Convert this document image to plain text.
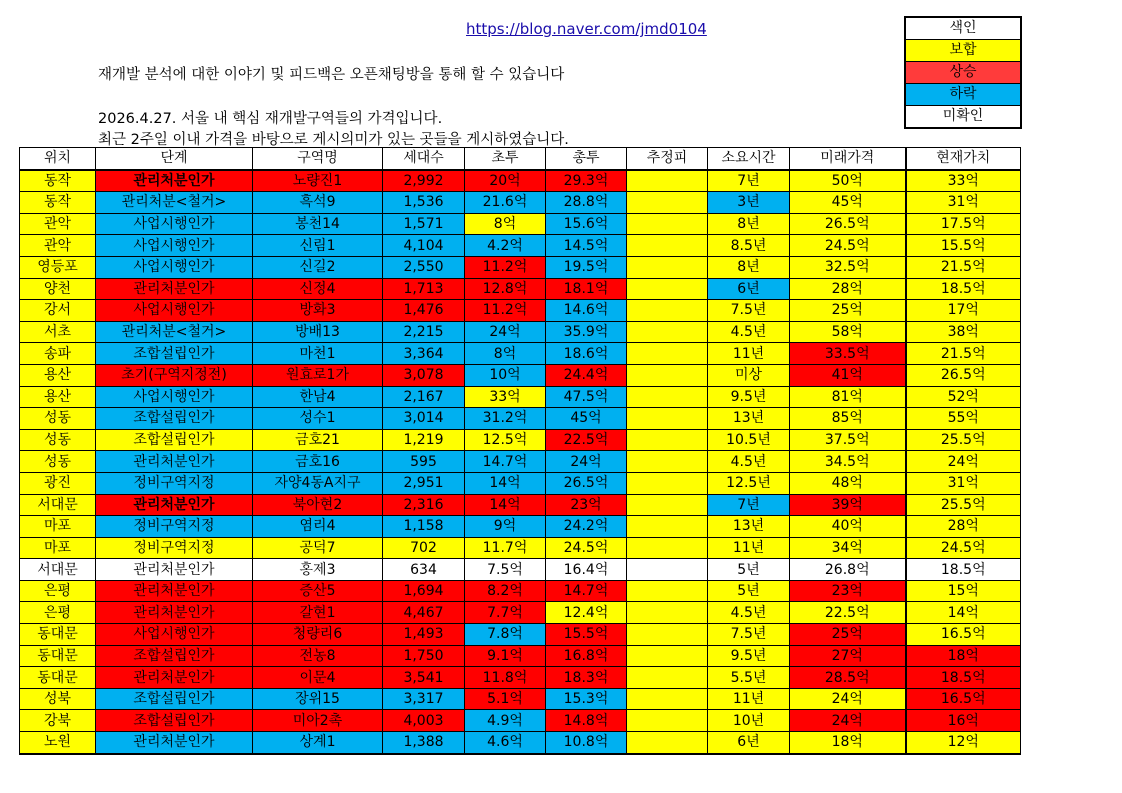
https://blog.naver.com/jmd0104
재개발 분석에 대한 이야기 및 피드백은 오픈채팅방을 통해 할 수 있습니다
2026.4.27. 서울 내 핵심 재개발구역들의 가격입니다.
최근 2주일 이내 가격을 바탕으로 게시의미가 있는 곳들을 게시하였습니다.
색인
보합
상승
하락
미확인
위치	단계	구역명	세대수	초투	총투	추정피	소요시간	미래가격	현재가치
동작	관리처분인가	노량진1	2,992	20억	29.3억		7년	50억	33억
동작	관리처분<철거>	흑석9	1,536	21.6억	28.8억		3년	45억	31억
관악	사업시행인가	봉천14	1,571	8억	15.6억		8년	26.5억	17.5억
관악	사업시행인가	신림1	4,104	4.2억	14.5억		8.5년	24.5억	15.5억
영등포	사업시행인가	신길2	2,550	11.2억	19.5억		8년	32.5억	21.5억
양천	관리처분인가	신정4	1,713	12.8억	18.1억		6년	28억	18.5억
강서	사업시행인가	방화3	1,476	11.2억	14.6억		7.5년	25억	17억
서초	관리처분<철거>	방배13	2,215	24억	35.9억		4.5년	58억	38억
송파	조합설립인가	마천1	3,364	8억	18.6억		11년	33.5억	21.5억
용산	초기(구역지정전)	원효로1가	3,078	10억	24.4억		미상	41억	26.5억
용산	사업시행인가	한남4	2,167	33억	47.5억		9.5년	81억	52억
성동	조합설립인가	성수1	3,014	31.2억	45억		13년	85억	55억
성동	조합설립인가	금호21	1,219	12.5억	22.5억		10.5년	37.5억	25.5억
성동	관리처분인가	금호16	595	14.7억	24억		4.5년	34.5억	24억
광진	정비구역지정	자양4동A지구	2,951	14억	26.5억		12.5년	48억	31억
서대문	관리처분인가	북아현2	2,316	14억	23억		7년	39억	25.5억
마포	정비구역지정	염리4	1,158	9억	24.2억		13년	40억	28억
마포	정비구역지정	공덕7	702	11.7억	24.5억		11년	34억	24.5억
서대문	관리처분인가	홍제3	634	7.5억	16.4억		5년	26.8억	18.5억
은평	관리처분인가	증산5	1,694	8.2억	14.7억		5년	23억	15억
은평	관리처분인가	갈현1	4,467	7.7억	12.4억		4.5년	22.5억	14억
동대문	사업시행인가	청량리6	1,493	7.8억	15.5억		7.5년	25억	16.5억
동대문	조합설립인가	전농8	1,750	9.1억	16.8억		9.5년	27억	18억
동대문	관리처분인가	이문4	3,541	11.8억	18.3억		5.5년	28.5억	18.5억
성북	조합설립인가	장위15	3,317	5.1억	15.3억		11년	24억	16.5억
강북	조합설립인가	미아2촉	4,003	4.9억	14.8억		10년	24억	16억
노원	관리처분인가	상계1	1,388	4.6억	10.8억		6년	18억	12억
